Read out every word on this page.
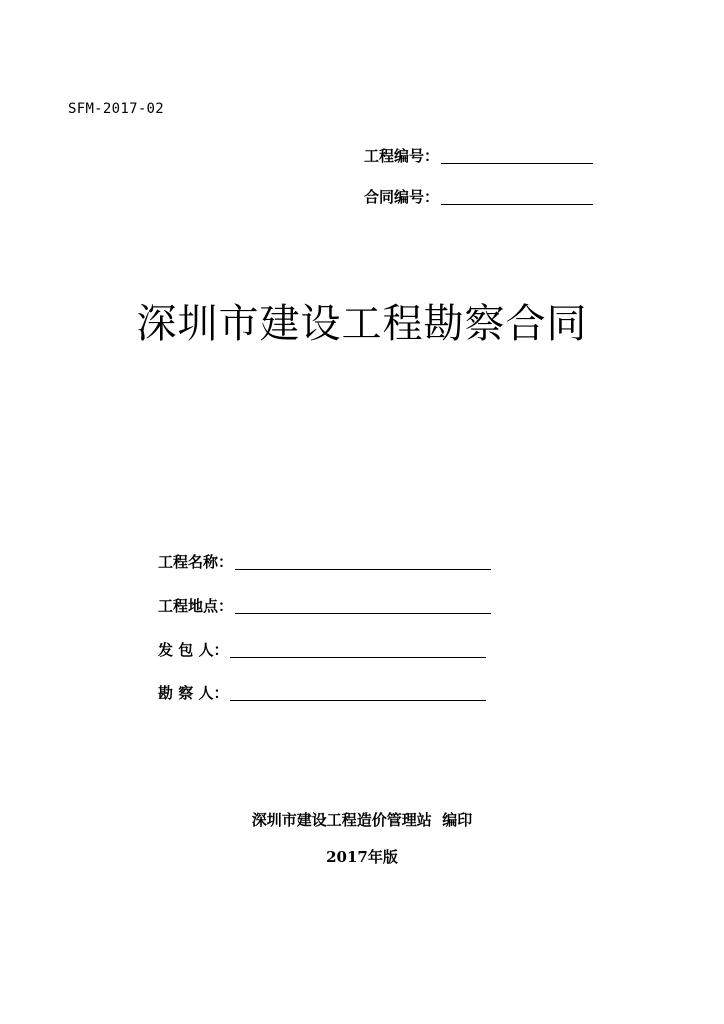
SFM-2017-02
工程编号：
合同编号：
深圳市建设工程勘察合同
工程名称：
工程地点：
发 包 人：
勘 察 人：
深圳市建设工程造价管理站  编印
2017年版
